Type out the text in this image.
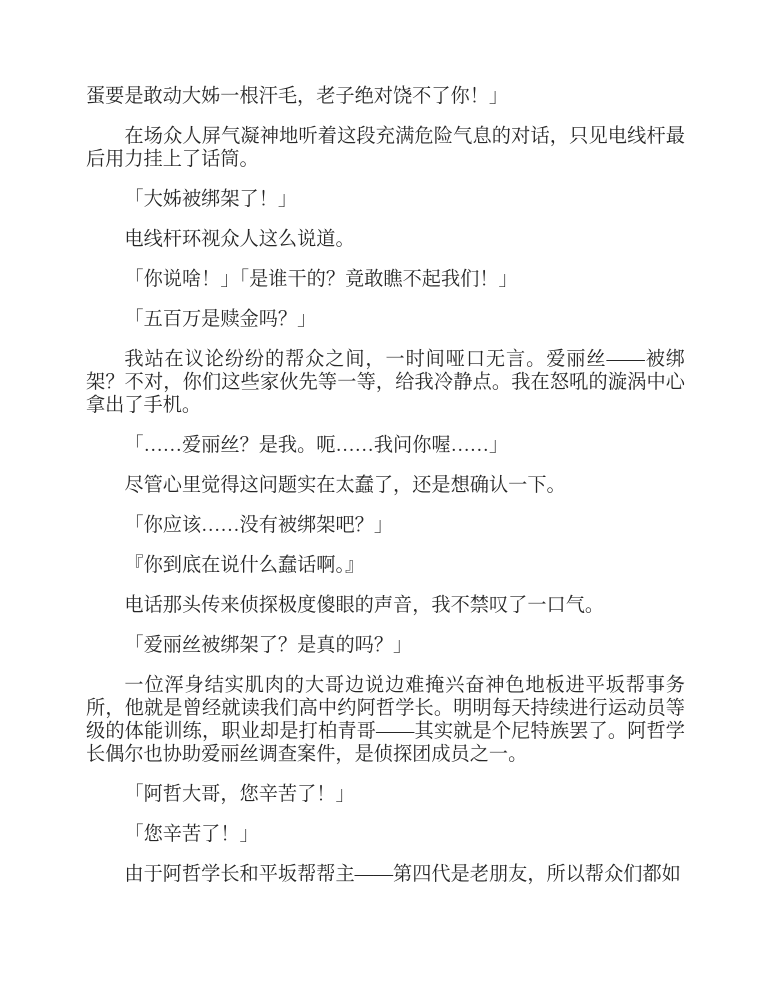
蛋要是敢动大姊一根汗毛，老子绝对饶不了你！」

在场众人屏气凝神地听着这段充满危险气息的对话，只见电线杆最后用力挂上了话筒。

「大姊被绑架了！」

电线杆环视众人这么说道。

「你说啥！」「是谁干的？竟敢瞧不起我们！」

「五百万是赎金吗？」

我站在议论纷纷的帮众之间，一时间哑口无言。爱丽丝——被绑架？不对，你们这些家伙先等一等，给我冷静点。我在怒吼的漩涡中心拿出了手机。

「……爱丽丝？是我。呃……我问你喔……」

尽管心里觉得这问题实在太蠢了，还是想确认一下。

「你应该……没有被绑架吧？」

『你到底在说什么蠢话啊。』

电话那头传来侦探极度傻眼的声音，我不禁叹了一口气。

「爱丽丝被绑架了？是真的吗？」

一位浑身结实肌肉的大哥边说边难掩兴奋神色地板进平坂帮事务所，他就是曾经就读我们高中约阿哲学长。明明每天持续进行运动员等级的体能训练，职业却是打柏青哥——其实就是个尼特族罢了。阿哲学长偶尔也协助爱丽丝调查案件，是侦探团成员之一。

「阿哲大哥，您辛苦了！」

「您辛苦了！」

由于阿哲学长和平坂帮帮主——第四代是老朋友，所以帮众们都如
